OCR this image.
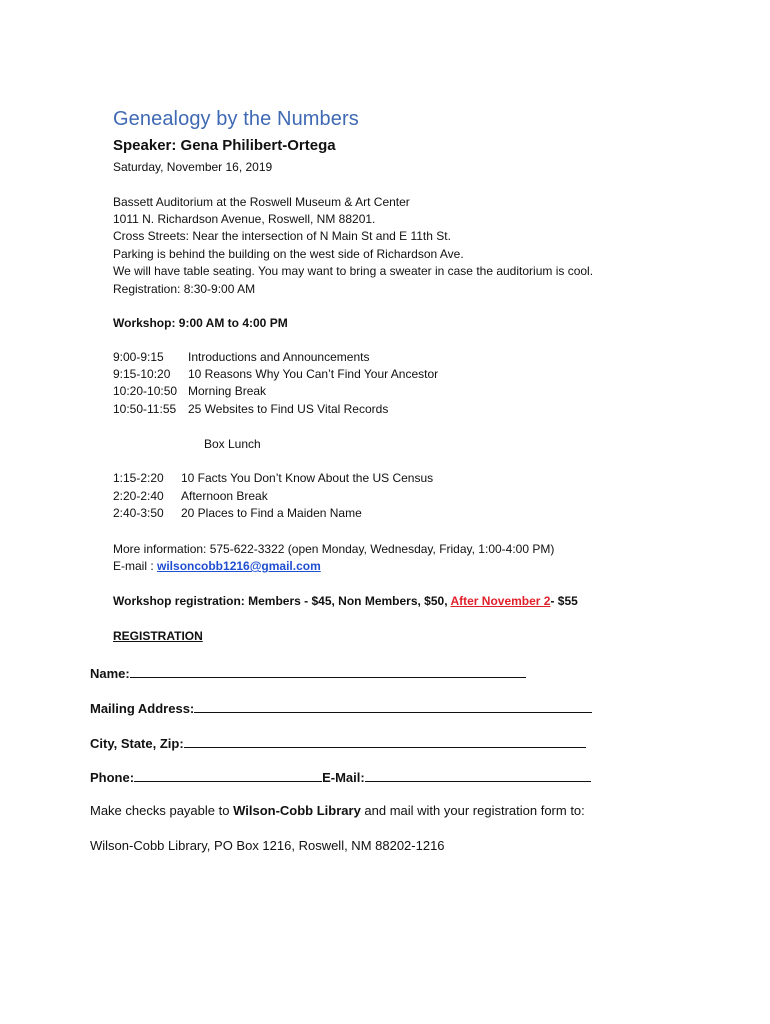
Genealogy by the Numbers
Speaker: Gena Philibert-Ortega
Saturday, November 16, 2019
Bassett Auditorium at the Roswell Museum & Art Center
1011 N. Richardson Avenue, Roswell, NM 88201.
Cross Streets: Near the intersection of N Main St and E 11th St.
Parking is behind the building on the west side of Richardson Ave.
We will have table seating. You may want to bring a sweater in case the auditorium is cool.
Registration: 8:30-9:00 AM
Workshop: 9:00 AM to 4:00 PM
9:00-9:15 Introductions and Announcements
9:15-10:20 10 Reasons Why You Can’t Find Your Ancestor
10:20-10:50 Morning Break
10:50-11:55 25 Websites to Find US Vital Records
Box Lunch
1:15-2:20 10 Facts You Don’t Know About the US Census
2:20-2:40 Afternoon Break
2:40-3:50 20 Places to Find a Maiden Name
More information: 575-622-3322 (open Monday, Wednesday, Friday, 1:00-4:00 PM)
E-mail : wilsoncobb1216@gmail.com
Workshop registration: Members - $45, Non Members, $50, After November 2- $55
REGISTRATION
Name:
Mailing Address:
City, State, Zip:
Phone:	E-Mail:
Make checks payable to Wilson-Cobb Library and mail with your registration form to:
Wilson-Cobb Library, PO Box 1216, Roswell, NM 88202-1216
